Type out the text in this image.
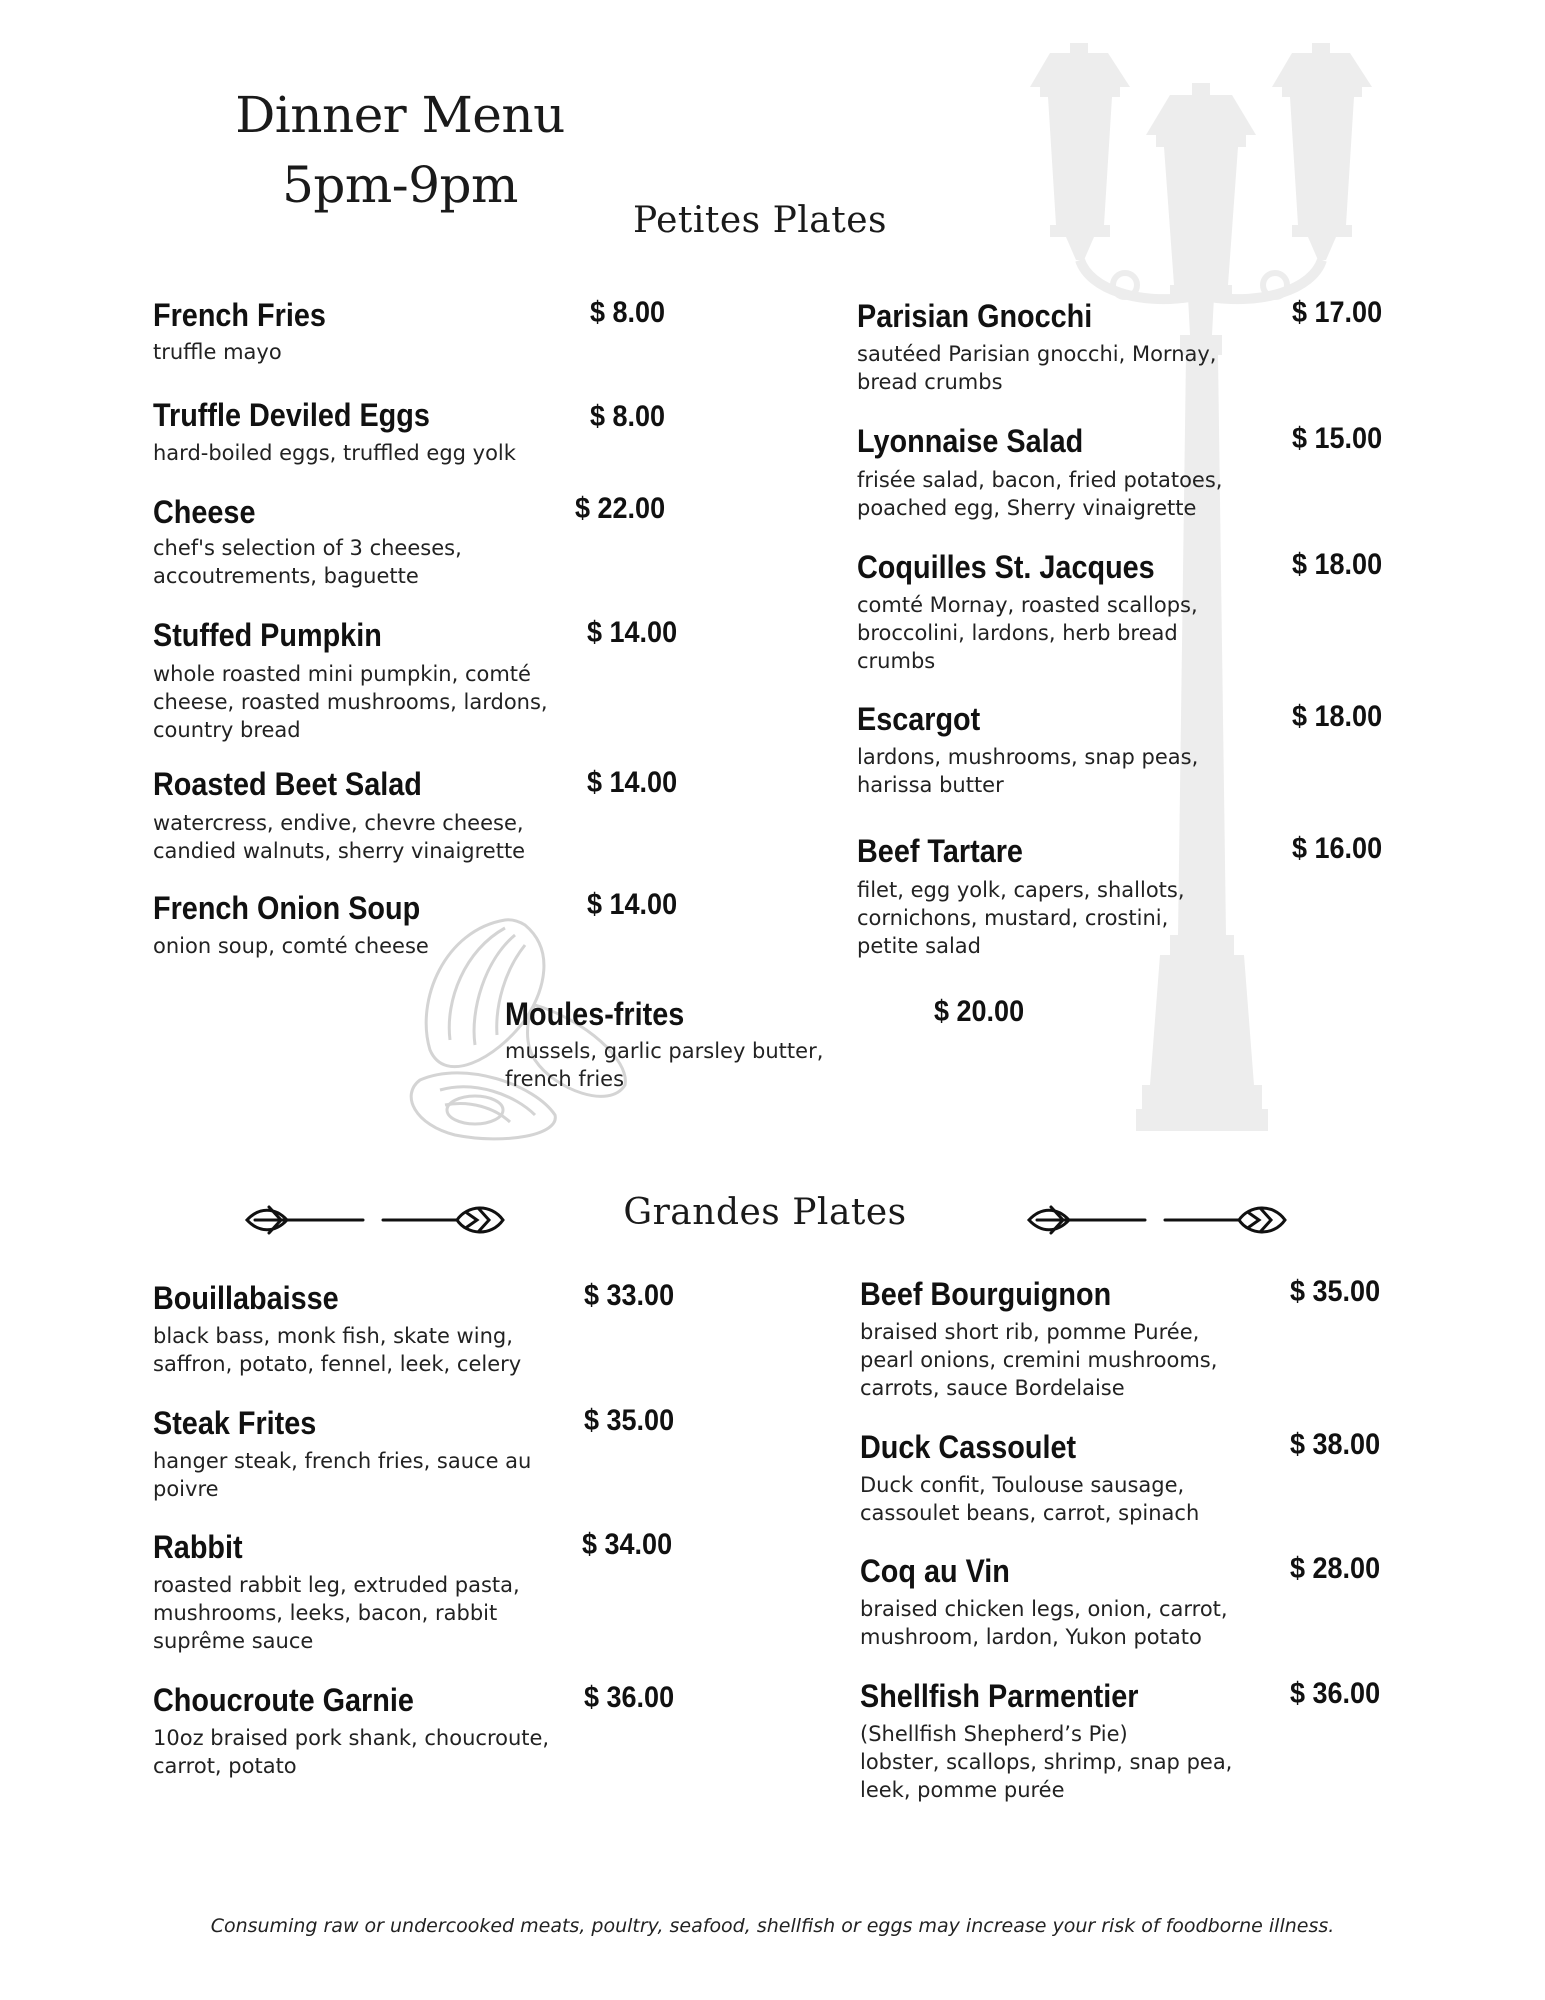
Dinner Menu
5pm-9pm
Petites Plates
French Fries	$ 8.00
truffle mayo
Truffle Deviled Eggs	$ 8.00
hard-boiled eggs, truffled egg yolk
Cheese	$ 22.00
chef's selection of 3 cheeses, accoutrements, baguette
Stuffed Pumpkin	$ 14.00
whole roasted mini pumpkin, comté cheese, roasted mushrooms, lardons, country bread
Roasted Beet Salad	$ 14.00
watercress, endive, chevre cheese, candied walnuts, sherry vinaigrette
French Onion Soup	$ 14.00
onion soup, comté cheese
Parisian Gnocchi	$ 17.00
sautéed Parisian gnocchi, Mornay, bread crumbs
Lyonnaise Salad	$ 15.00
frisée salad, bacon, fried potatoes, poached egg, Sherry vinaigrette
Coquilles St. Jacques	$ 18.00
comté Mornay, roasted scallops, broccolini, lardons, herb bread crumbs
Escargot	$ 18.00
lardons, mushrooms, snap peas, harissa butter
Beef Tartare	$ 16.00
filet, egg yolk, capers, shallots, cornichons, mustard, crostini, petite salad
Moules-frites	$ 20.00
mussels, garlic parsley butter, french fries
Grandes Plates
Bouillabaisse	$ 33.00
black bass, monk fish, skate wing, saffron, potato, fennel, leek, celery
Steak Frites	$ 35.00
hanger steak, french fries, sauce au poivre
Rabbit	$ 34.00
roasted rabbit leg, extruded pasta, mushrooms, leeks, bacon, rabbit suprême sauce
Choucroute Garnie	$ 36.00
10oz braised pork shank, choucroute, carrot, potato
Beef Bourguignon	$ 35.00
braised short rib, pomme Purée, pearl onions, cremini mushrooms, carrots, sauce Bordelaise
Duck Cassoulet	$ 38.00
Duck confit, Toulouse sausage, cassoulet beans, carrot, spinach
Coq au Vin	$ 28.00
braised chicken legs, onion, carrot, mushroom, lardon, Yukon potato
Shellfish Parmentier	$ 36.00
(Shellfish Shepherd’s Pie)
lobster, scallops, shrimp, snap pea, leek, pomme purée
Consuming raw or undercooked meats, poultry, seafood, shellfish or eggs may increase your risk of foodborne illness.
